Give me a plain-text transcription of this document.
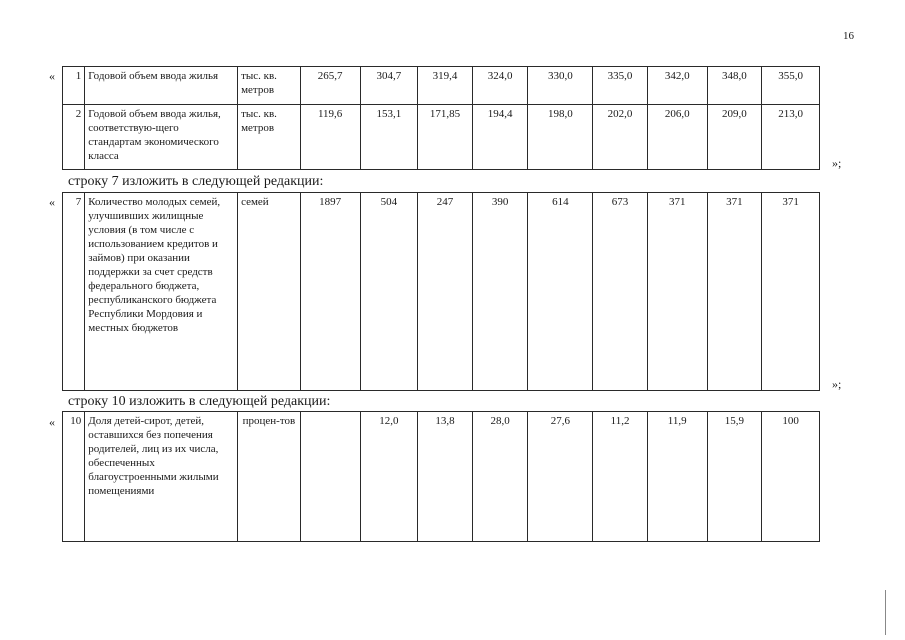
16
« 1	Годовой объем ввода жилья	тыс. кв. метров	265,7	304,7	319,4	324,0	330,0	335,0	342,0	348,0	355,0
2	Годовой объем ввода жилья, соответствую-щего стандартам экономического класса	тыс. кв. метров	119,6	153,1	171,85	194,4	198,0	202,0	206,0	209,0	213,0
»;
строку 7 изложить в следующей редакции:
« 7	Количество молодых семей, улучшивших жилищные условия (в том числе с использованием кредитов и займов) при оказании поддержки за счет средств федерального бюджета, республиканского бюджета Республики Мордовия и местных бюджетов	семей	1897	504	247	390	614	673	371	371	371
»;
строку 10 изложить в следующей редакции:
« 10	Доля детей-сирот, детей, оставшихся без попечения родителей, лиц из их числа, обеспеченных благоустроенными жилыми помещениями	процен-тов		12,0	13,8	28,0	27,6	11,2	11,9	15,9	100
